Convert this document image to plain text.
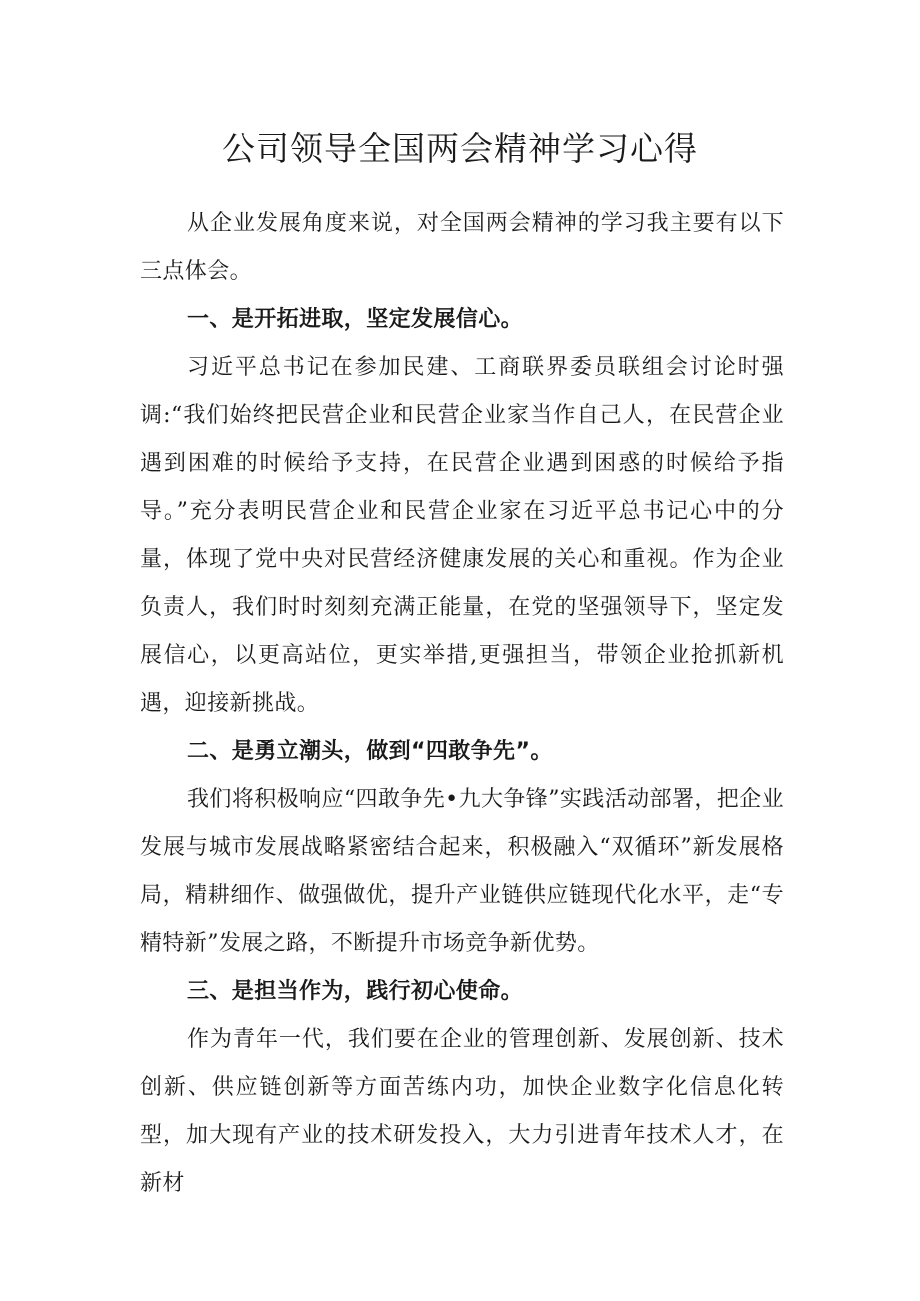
公司领导全国两会精神学习心得

从企业发展角度来说，对全国两会精神的学习我主要有以下三点体会。

一、是开拓进取，坚定发展信心。

习近平总书记在参加民建、工商联界委员联组会讨论时强调:“我们始终把民营企业和民营企业家当作自己人，在民营企业遇到困难的时候给予支持，在民营企业遇到困惑的时候给予指导。”充分表明民营企业和民营企业家在习近平总书记心中的分量，体现了党中央对民营经济健康发展的关心和重视。作为企业负责人，我们时时刻刻充满正能量，在党的坚强领导下，坚定发展信心，以更高站位，更实举措,更强担当，带领企业抢抓新机遇，迎接新挑战。

二、是勇立潮头，做到“四敢争先”。

我们将积极响应“四敢争先•九大争锋”实践活动部署，把企业发展与城市发展战略紧密结合起来，积极融入“双循环”新发展格局，精耕细作、做强做优，提升产业链供应链现代化水平，走“专精特新”发展之路，不断提升市场竞争新优势。

三、是担当作为，践行初心使命。

作为青年一代，我们要在企业的管理创新、发展创新、技术创新、供应链创新等方面苦练内功，加快企业数字化信息化转型，加大现有产业的技术研发投入，大力引进青年技术人才，在新材
